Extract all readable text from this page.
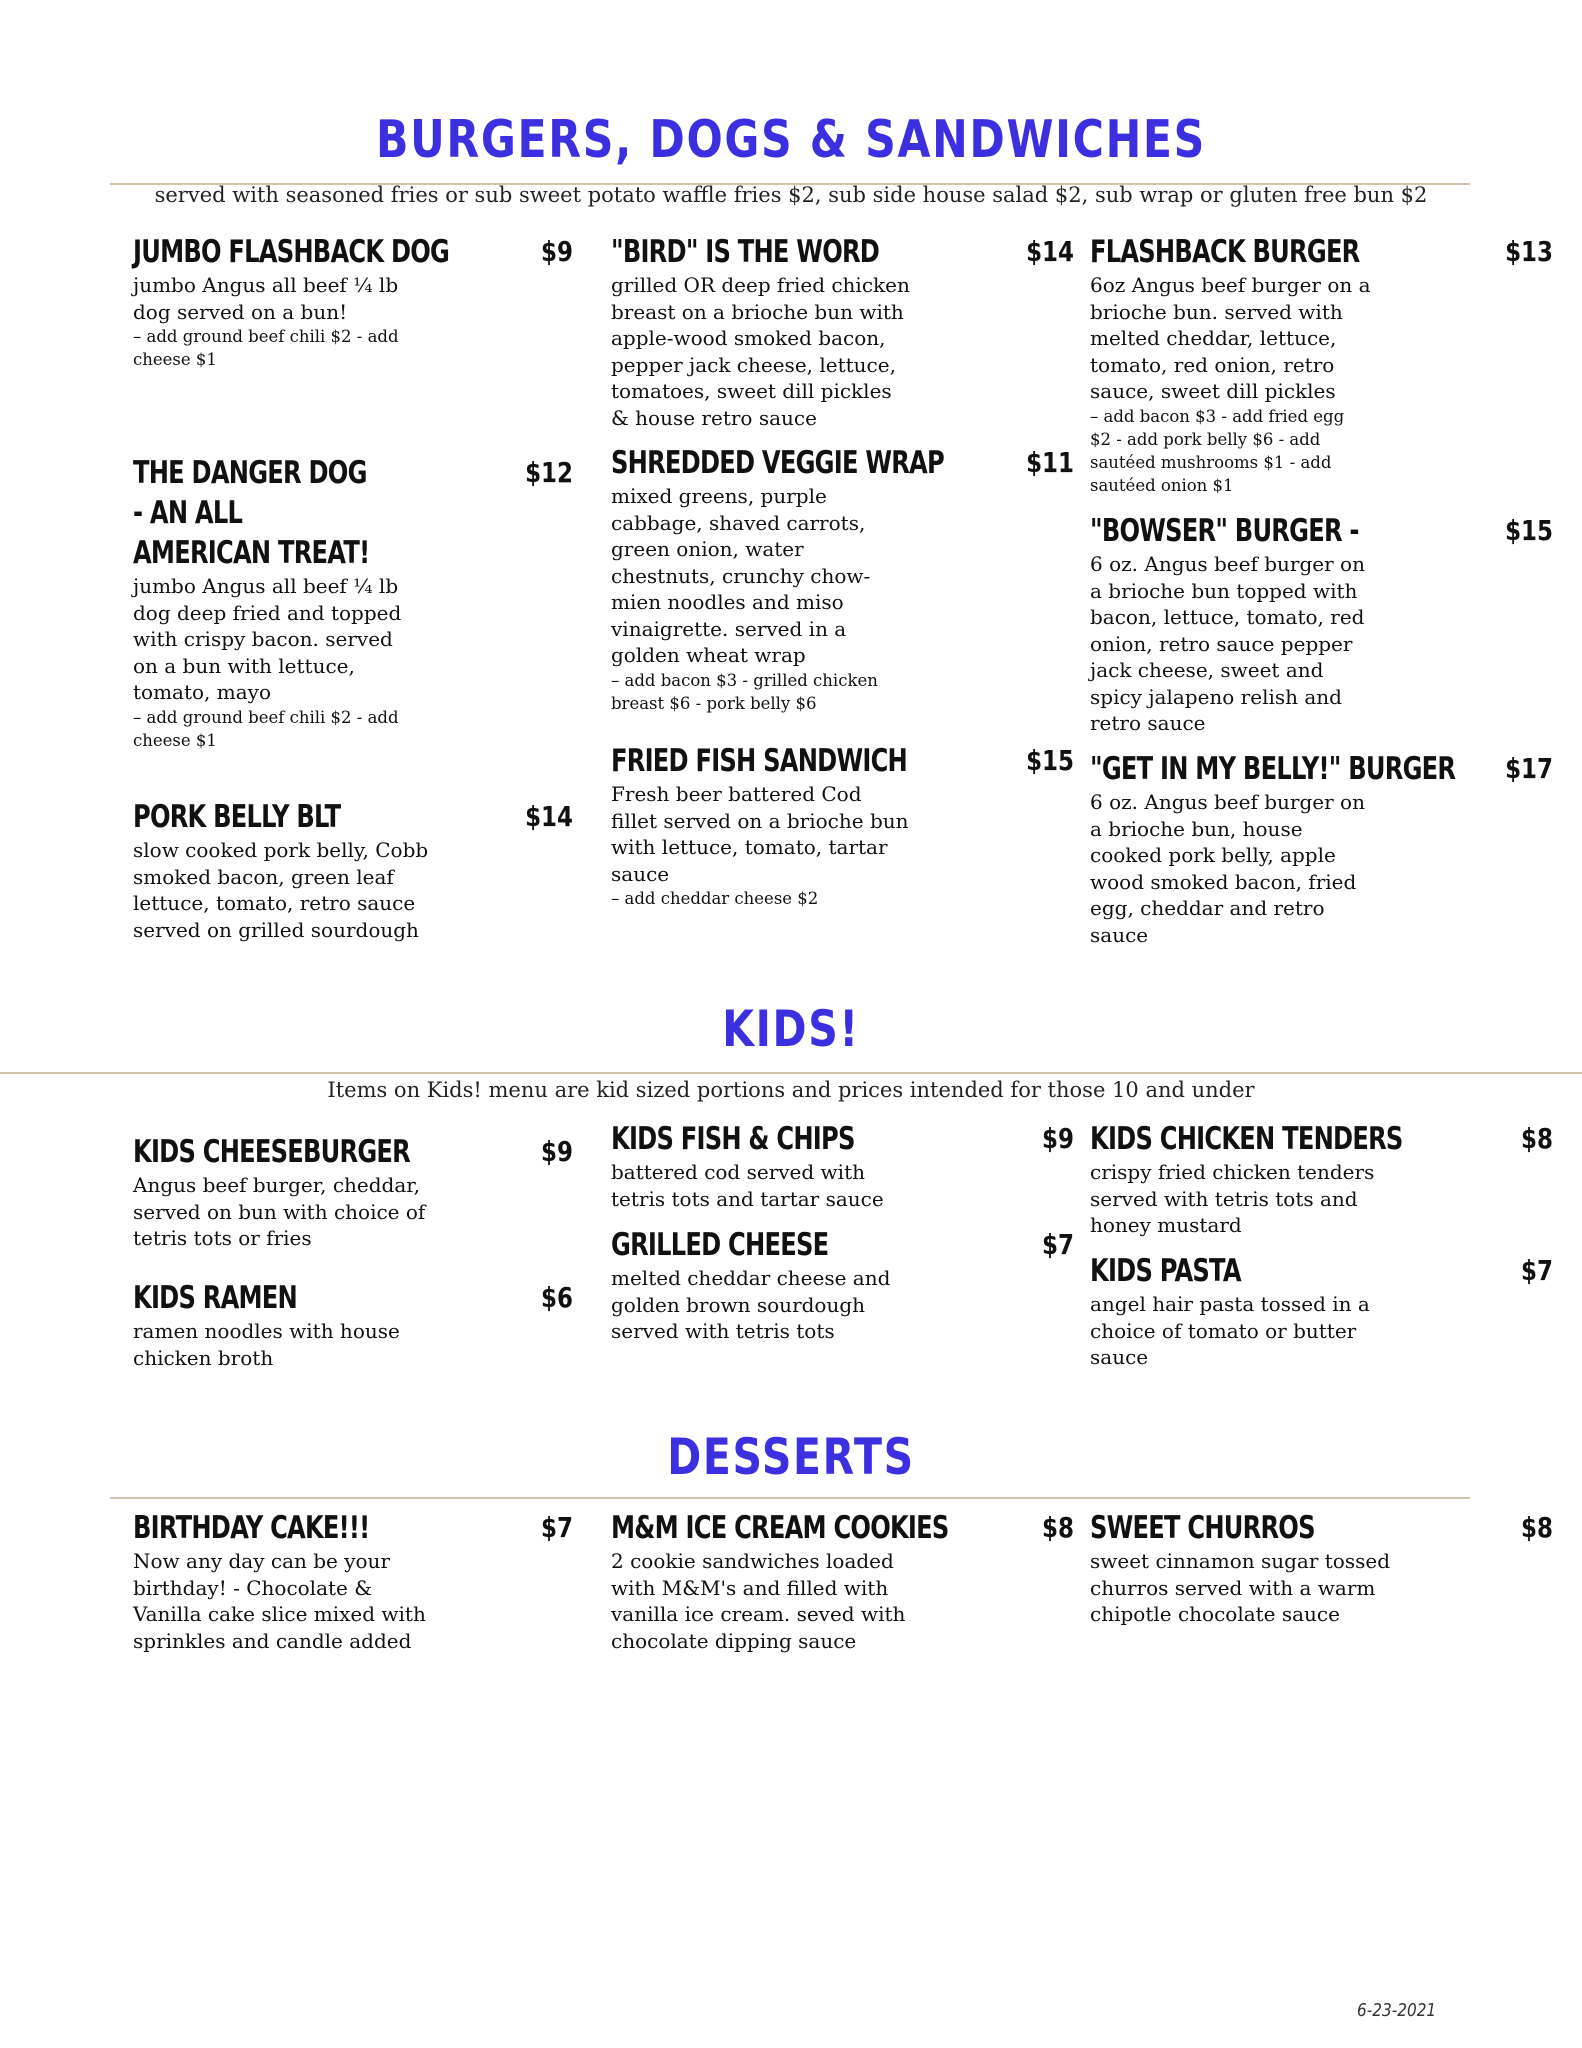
BURGERS, DOGS & SANDWICHES
served with seasoned fries or sub sweet potato waffle fries $2, sub side house salad $2, sub wrap or gluten free bun $2
JUMBO FLASHBACK DOG	$9
jumbo Angus all beef ¼ lb dog served on a bun!
– add ground beef chili $2 - add cheese $1
THE DANGER DOG - AN ALL AMERICAN TREAT!
$12
jumbo Angus all beef ¼ lb dog deep fried and topped with crispy bacon. served on a bun with lettuce, tomato, mayo
– add ground beef chili $2 - add cheese $1
PORK BELLY BLT	$14
slow cooked pork belly, Cobb smoked bacon, green leaf lettuce, tomato, retro sauce served on grilled sourdough
"BIRD" IS THE WORD	$14
grilled OR deep fried chicken breast on a brioche bun with apple-wood smoked bacon, pepper jack cheese, lettuce, tomatoes, sweet dill pickles & house retro sauce
SHREDDED VEGGIE WRAP	$11
mixed greens, purple cabbage, shaved carrots, green onion, water chestnuts, crunchy chow-mien noodles and miso vinaigrette. served in a golden wheat wrap
– add bacon $3 - grilled chicken breast $6 - pork belly $6
FRIED FISH SANDWICH	$15
Fresh beer battered Cod fillet served on a brioche bun with lettuce, tomato, tartar sauce
– add cheddar cheese $2
FLASHBACK BURGER	$13
6oz Angus beef burger on a brioche bun. served with melted cheddar, lettuce, tomato, red onion, retro sauce, sweet dill pickles
– add bacon $3 - add fried egg $2 - add pork belly $6 - add sautéed mushrooms $1 - add sautéed onion $1
"BOWSER" BURGER -	$15
6 oz. Angus beef burger on a brioche bun topped with bacon, lettuce, tomato, red onion, retro sauce pepper jack cheese, sweet and spicy jalapeno relish and retro sauce
"GET IN MY BELLY!" BURGER	$17
6 oz. Angus beef burger on a brioche bun, house cooked pork belly, apple wood smoked bacon, fried egg, cheddar and retro sauce
KIDS!
Items on Kids! menu are kid sized portions and prices intended for those 10 and under
KIDS CHEESEBURGER	$9
Angus beef burger, cheddar, served on bun with choice of tetris tots or fries
KIDS RAMEN	$6
ramen noodles with house chicken broth
KIDS FISH & CHIPS	$9
battered cod served with tetris tots and tartar sauce
GRILLED CHEESE	$7
melted cheddar cheese and golden brown sourdough served with tetris tots
KIDS CHICKEN TENDERS	$8
crispy fried chicken tenders served with tetris tots and honey mustard
KIDS PASTA	$7
angel hair pasta tossed in a choice of tomato or butter sauce
DESSERTS
BIRTHDAY CAKE!!!	$7
Now any day can be your birthday! - Chocolate & Vanilla cake slice mixed with sprinkles and candle added
M&M ICE CREAM COOKIES	$8
2 cookie sandwiches loaded with M&M's and filled with vanilla ice cream. seved with chocolate dipping sauce
SWEET CHURROS	$8
sweet cinnamon sugar tossed churros served with a warm chipotle chocolate sauce
6-23-2021
